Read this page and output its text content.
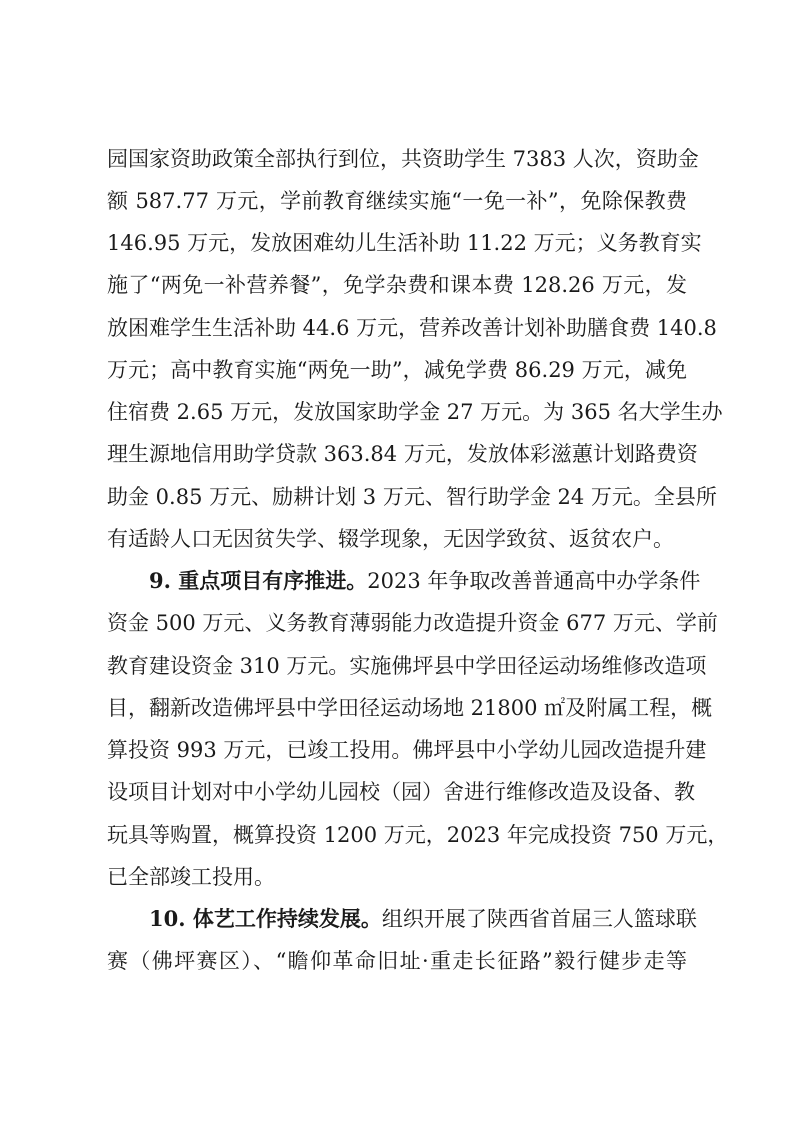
园国家资助政策全部执行到位，共资助学生 7383 人次，资助金
额 587.77 万元，学前教育继续实施“一免一补”，免除保教费
146.95 万元，发放困难幼儿生活补助 11.22 万元；义务教育实
施了“两免一补营养餐”，免学杂费和课本费 128.26 万元，发
放困难学生生活补助 44.6 万元，营养改善计划补助膳食费 140.8
万元；高中教育实施“两免一助”，减免学费 86.29 万元，减免
住宿费 2.65 万元，发放国家助学金 27 万元。为 365 名大学生办
理生源地信用助学贷款 363.84 万元，发放体彩滋蕙计划路费资
助金 0.85 万元、励耕计划 3 万元、智行助学金 24 万元。全县所
有适龄人口无因贫失学、辍学现象，无因学致贫、返贫农户。
9. 重点项目有序推进。2023 年争取改善普通高中办学条件
资金 500 万元、义务教育薄弱能力改造提升资金 677 万元、学前
教育建设资金 310 万元。实施佛坪县中学田径运动场维修改造项
目，翻新改造佛坪县中学田径运动场地 21800 ㎡及附属工程，概
算投资 993 万元，已竣工投用。佛坪县中小学幼儿园改造提升建
设项目计划对中小学幼儿园校（园）舍进行维修改造及设备、教
玩具等购置，概算投资 1200 万元，2023 年完成投资 750 万元，
已全部竣工投用。
10. 体艺工作持续发展。组织开展了陕西省首届三人篮球联
赛（佛坪赛区）、“瞻仰革命旧址·重走长征路”毅行健步走等
